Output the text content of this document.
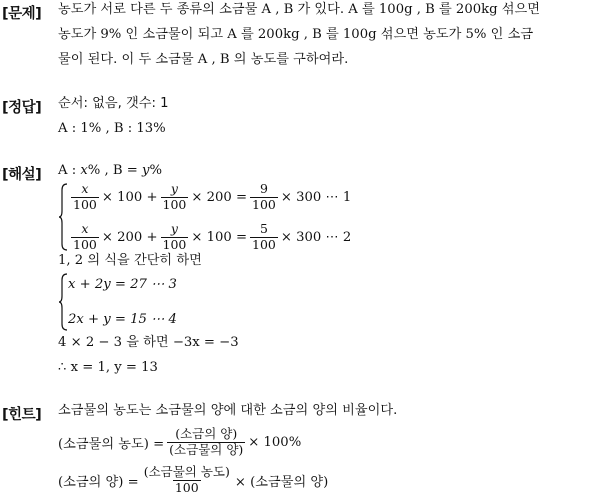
[문제] 농도가 서로 다른 두 종류의 소금물 A , B 가 있다. A 를 100g , B 를 200kg 섞으면
농도가 9% 인 소금물이 되고 A 를 200kg , B 를 100g 섞으면 농도가 5% 인 소금
물이 된다. 이 두 소금물 A , B 의 농도를 구하여라.
[정답] 순서: 없음, 갯수: 1
A : 1% , B : 13%
[해설] A : x% , B = y%
$\frac{x}{100} \times 100 + \frac{y}{100} \times 200 = \frac{9}{100} \times 300$ ⋯ 1
$\frac{x}{100} \times 200 + \frac{y}{100} \times 100 = \frac{5}{100} \times 300$ ⋯ 2
1, 2 의 식을 간단히 하면
x + 2y = 27 ⋯ 3
2x + y = 15 ⋯ 4
4 × 2 − 3 을 하면 −3x = −3
∴ x = 1, y = 13
[힌트] 소금물의 농도는 소금물의 양에 대한 소금의 양의 비율이다.
(소금물의 농도) = $\frac{\text{(소금의 양)}}{\text{(소금물의 양)}} \times 100\%$
(소금의 양) = $\frac{\text{(소금물의 농도)}}{100}$ × (소금물의 양)
